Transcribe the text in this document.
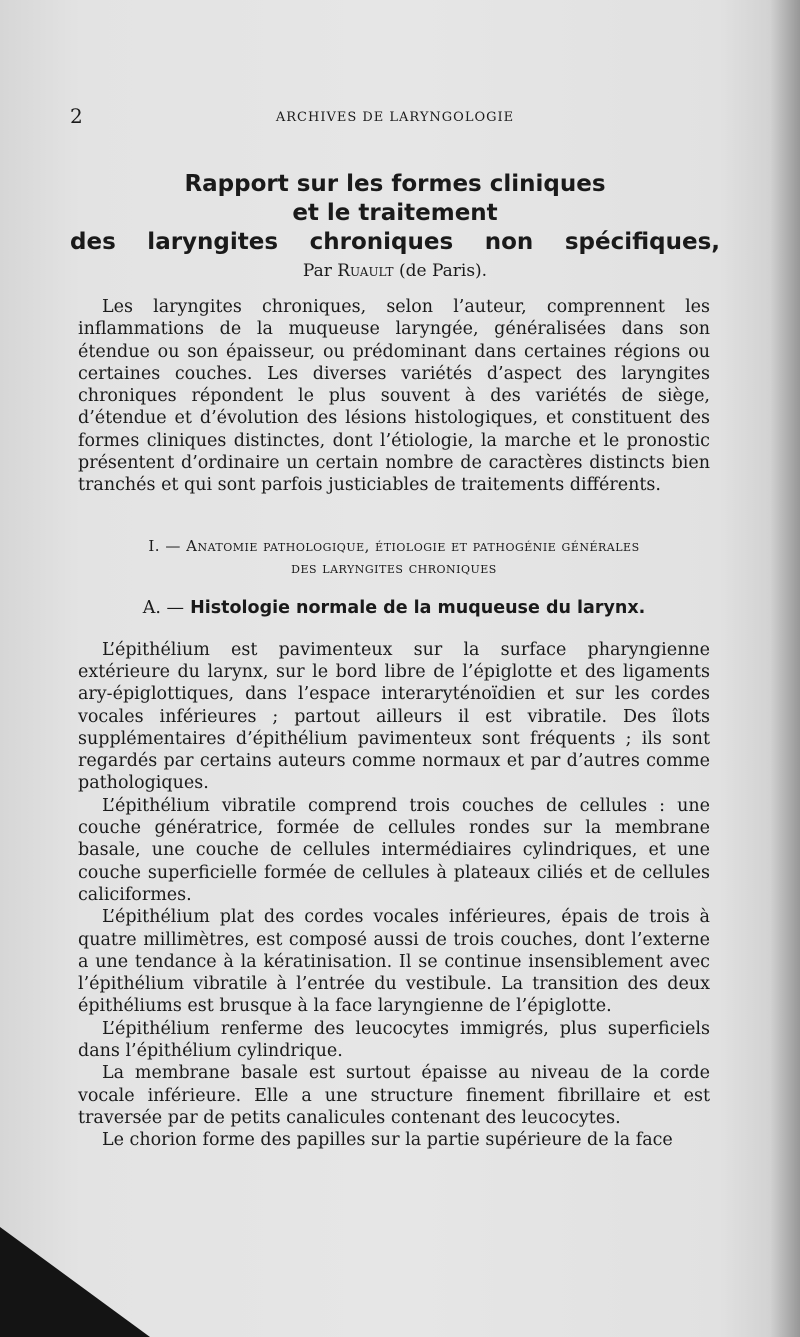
2	ARCHIVES DE LARYNGOLOGIE
Rapport sur les formes cliniques
et le traitement
des laryngites chroniques non spécifiques,
Par Ruault (de Paris).

Les laryngites chroniques, selon l’auteur, comprennent les inflammations de la muqueuse laryngée, généralisées dans son étendue ou son épaisseur, ou prédominant dans certaines régions ou certaines couches. Les diverses variétés d’aspect des laryngites chroniques répondent le plus souvent à des variétés de siège, d’étendue et d’évolution des lésions histologiques, et constituent des formes cliniques distinctes, dont l’étiologie, la marche et le pronostic présentent d’ordinaire un certain nombre de caractères distincts bien tranchés et qui sont parfois justiciables de traitements différents.

I. — Anatomie pathologique, étiologie et pathogénie générales
des laryngites chroniques
A. — Histologie normale de la muqueuse du larynx.

L’épithélium est pavimenteux sur la surface pharyngienne extérieure du larynx, sur le bord libre de l’épiglotte et des ligaments ary-épiglottiques, dans l’espace interaryténoïdien et sur les cordes vocales inférieures ; partout ailleurs il est vibratile. Des îlots supplémentaires d’épithélium pavimenteux sont fréquents ; ils sont regardés par certains auteurs comme normaux et par d’autres comme pathologiques.

L’épithélium vibratile comprend trois couches de cellules : une couche génératrice, formée de cellules rondes sur la membrane basale, une couche de cellules intermédiaires cylindriques, et une couche superficielle formée de cellules à plateaux ciliés et de cellules caliciformes.

L’épithélium plat des cordes vocales inférieures, épais de trois à quatre millimètres, est composé aussi de trois couches, dont l’externe a une tendance à la kératinisation. Il se continue insensiblement avec l’épithélium vibratile à l’entrée du vestibule. La transition des deux épithéliums est brusque à la face laryngienne de l’épiglotte.

L’épithélium renferme des leucocytes immigrés, plus superficiels dans l’épithélium cylindrique.

La membrane basale est surtout épaisse au niveau de la corde vocale inférieure. Elle a une structure finement fibrillaire et est traversée par de petits canalicules contenant des leucocytes.

Le chorion forme des papilles sur la partie supérieure de la face
